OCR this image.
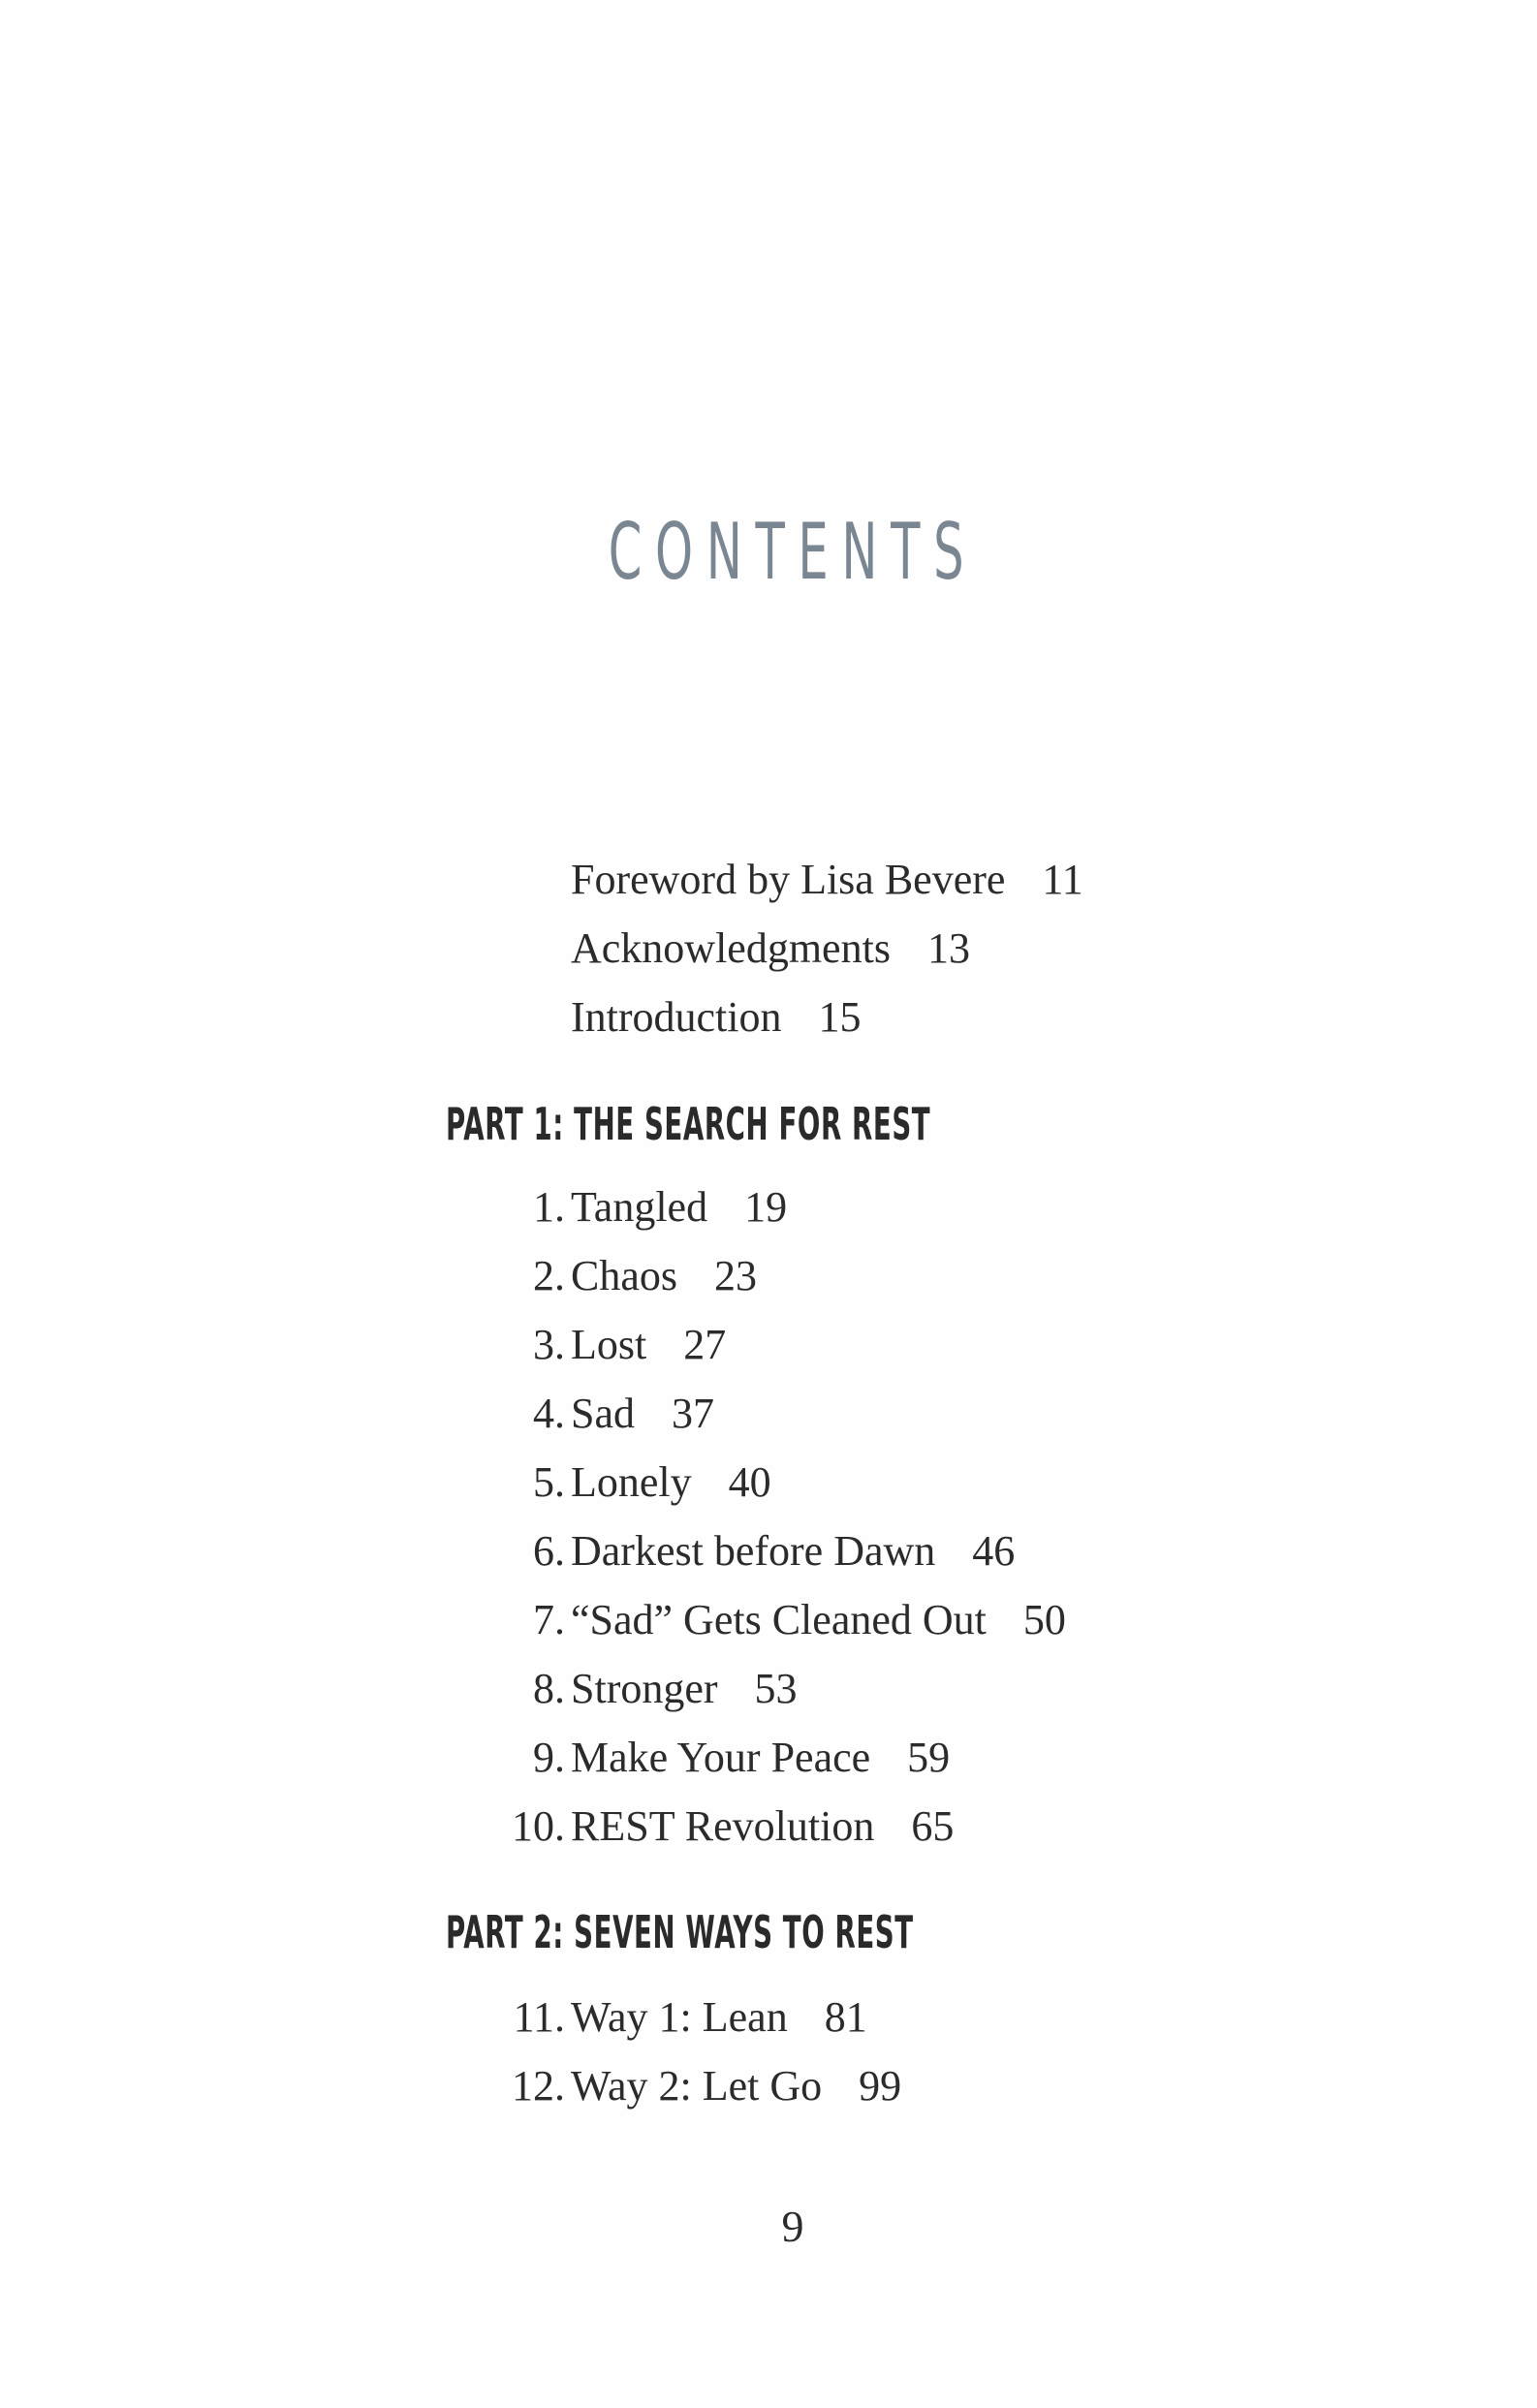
CONTENTS
Foreword by Lisa Bevere 11
Acknowledgments 13
Introduction 15
PART 1: THE SEARCH FOR REST
1. Tangled 19
2. Chaos 23
3. Lost 27
4. Sad 37
5. Lonely 40
6. Darkest before Dawn 46
7. “Sad” Gets Cleaned Out 50
8. Stronger 53
9. Make Your Peace 59
10. REST Revolution 65
PART 2: SEVEN WAYS TO REST
11. Way 1: Lean 81
12. Way 2: Let Go 99
9
